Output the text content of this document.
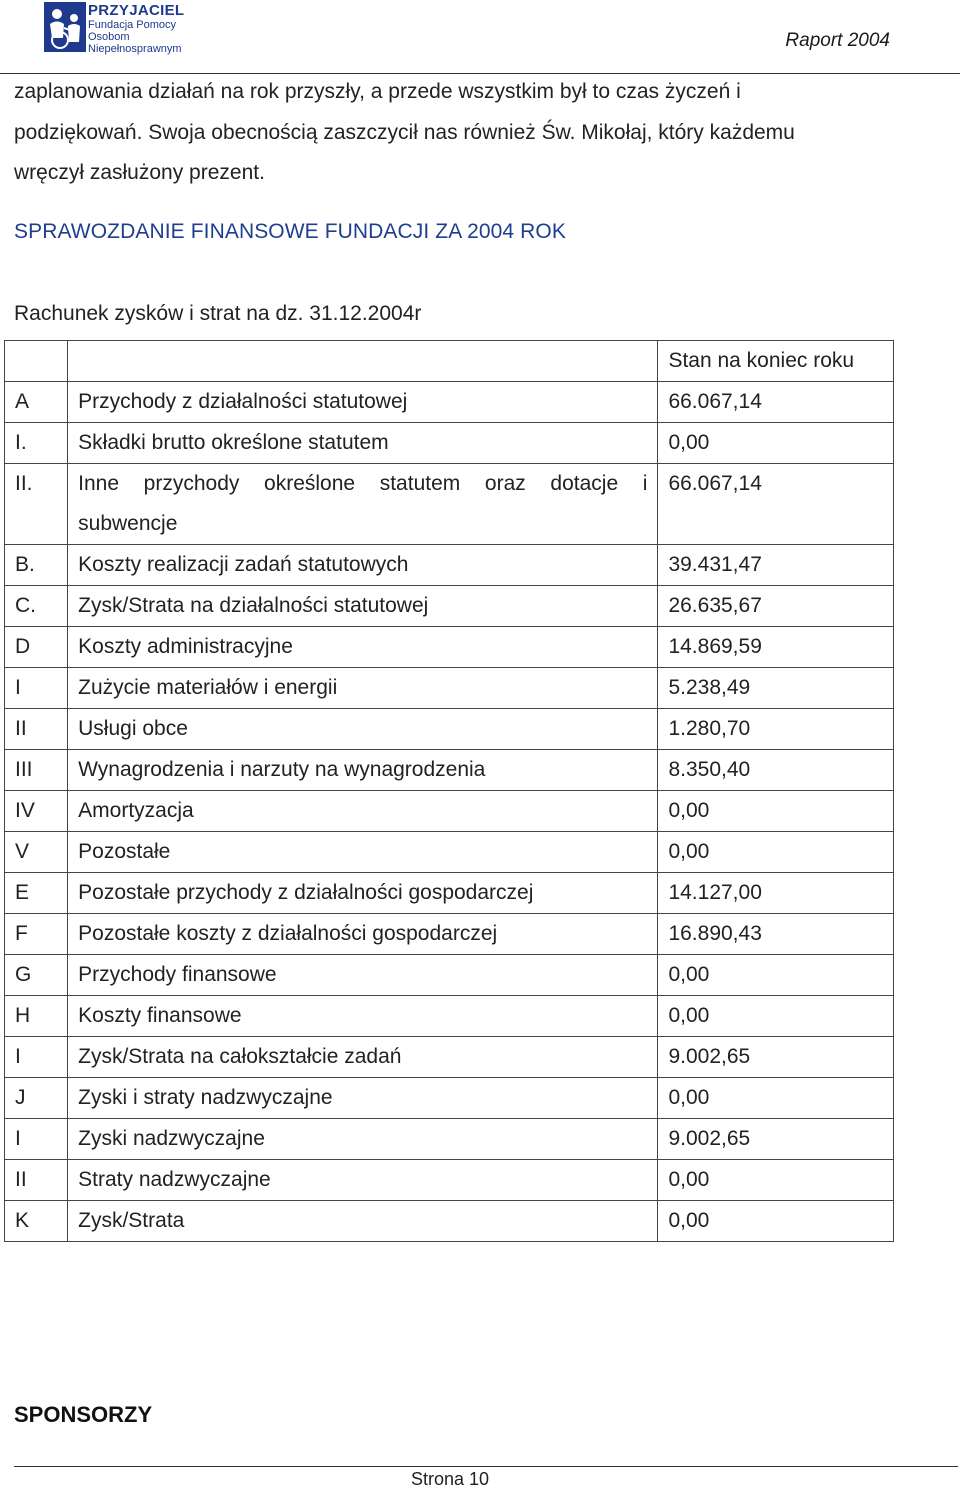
PRZYJACIEL
Fundacja Pomocy
Osobom
Niepełnosprawnym	Raport 2004
zaplanowania działań na rok przyszły, a przede wszystkim był to czas życzeń i
podziękowań. Swoja obecnością zaszczycił nas również Św. Mikołaj, który każdemu
wręczył zasłużony prezent.
SPRAWOZDANIE FINANSOWE FUNDACJI ZA 2004 ROK
Rachunek zysków i strat na dz. 31.12.2004r
		Stan na koniec roku
A	Przychody z działalności statutowej	66.067,14
I.	Składki brutto określone statutem	0,00
II.	Inne przychody określone statutem oraz dotacje i
subwencje	66.067,14
B.	Koszty realizacji zadań statutowych	39.431,47
C.	Zysk/Strata na działalności statutowej	26.635,67
D	Koszty administracyjne	14.869,59
I	Zużycie materiałów i energii	5.238,49
II	Usługi obce	1.280,70
III	Wynagrodzenia i narzuty na wynagrodzenia	8.350,40
IV	Amortyzacja	0,00
V	Pozostałe	0,00
E	Pozostałe przychody z działalności gospodarczej	14.127,00
F	Pozostałe koszty z działalności gospodarczej	16.890,43
G	Przychody finansowe	0,00
H	Koszty finansowe	0,00
I	Zysk/Strata na całokształcie zadań	9.002,65
J	Zyski i straty nadzwyczajne	0,00
I	Zyski nadzwyczajne	9.002,65
II	Straty nadzwyczajne	0,00
K	Zysk/Strata	0,00
SPONSORZY
Strona 10
